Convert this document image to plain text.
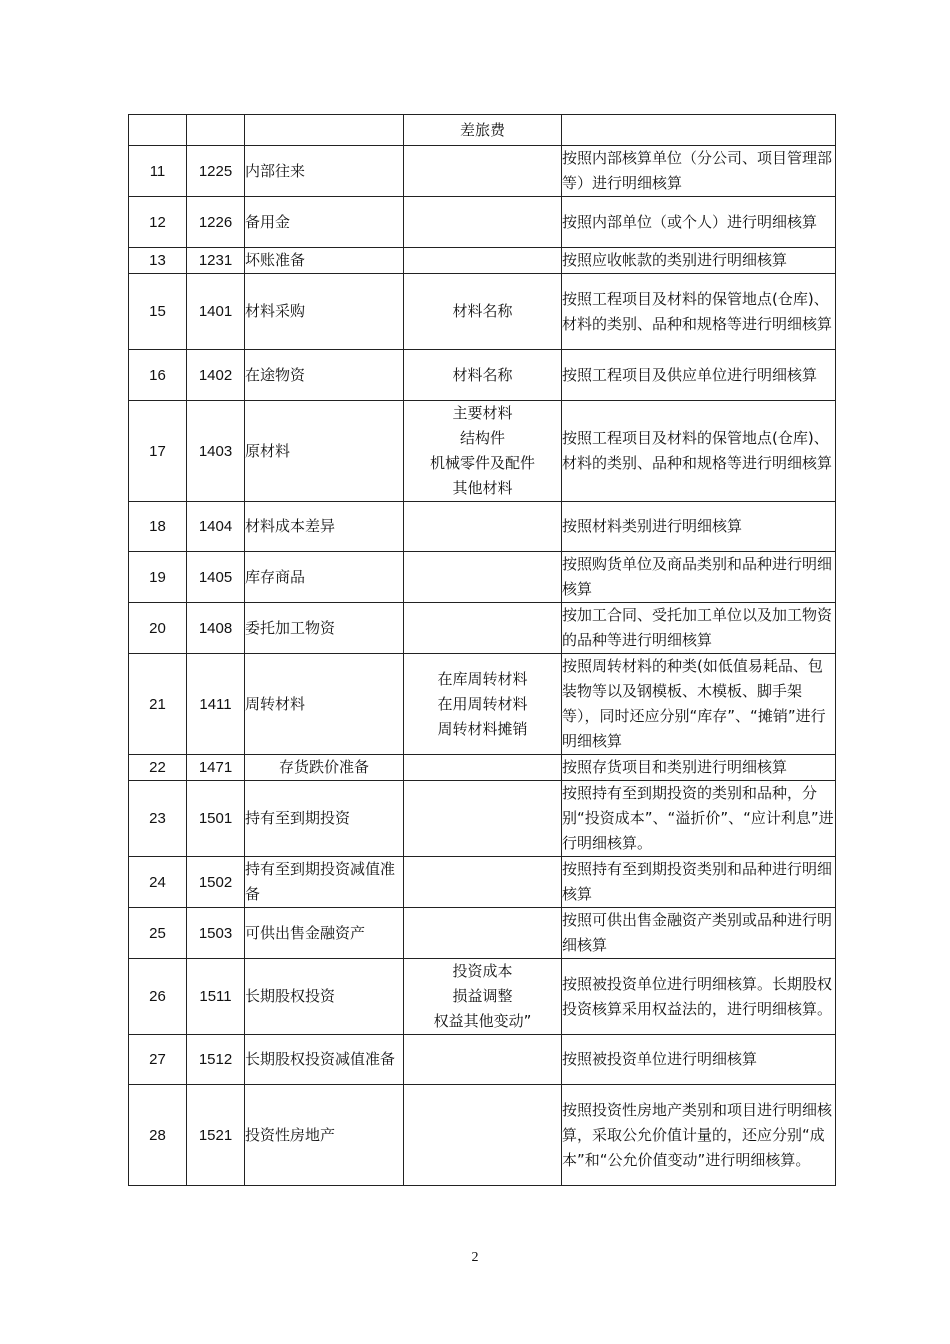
			差旅费	

11	1225	内部往来		按照内部核算单位（分公司、项目管理部等）进行明细核算
12	1226	备用金		按照内部单位（或个人）进行明细核算
13	1231	坏账准备		按照应收帐款的类别进行明细核算
15	1401	材料采购	材料名称	按照工程项目及材料的保管地点(仓库)、材料的类别、品种和规格等进行明细核算
16	1402	在途物资	材料名称	按照工程项目及供应单位进行明细核算
17	1403	原材料	主要材料
结构件
机械零件及配件
其他材料	按照工程项目及材料的保管地点(仓库)、材料的类别、品种和规格等进行明细核算
18	1404	材料成本差异		按照材料类别进行明细核算
19	1405	库存商品		按照购货单位及商品类别和品种进行明细核算
20	1408	委托加工物资		按加工合同、受托加工单位以及加工物资的品种等进行明细核算
21	1411	周转材料	在库周转材料
在用周转材料
周转材料摊销	按照周转材料的种类(如低值易耗品、包装物等以及钢模板、木模板、脚手架等），同时还应分别“库存”、“摊销”进行明细核算
22	1471	存货跌价准备		按照存货项目和类别进行明细核算
23	1501	持有至到期投资		按照持有至到期投资的类别和品种，分别“投资成本”、“溢折价”、“应计利息”进行明细核算。
24	1502	持有至到期投资减值准备		按照持有至到期投资类别和品种进行明细核算
25	1503	可供出售金融资产		按照可供出售金融资产类别或品种进行明细核算
26	1511	长期股权投资	投资成本
损益调整
权益其他变动”	按照被投资单位进行明细核算。长期股权投资核算采用权益法的，进行明细核算。
27	1512	长期股权投资减值准备		按照被投资单位进行明细核算
28	1521	投资性房地产		按照投资性房地产类别和项目进行明细核算，采取公允价值计量的，还应分别“成本”和“公允价值变动”进行明细核算。
2
